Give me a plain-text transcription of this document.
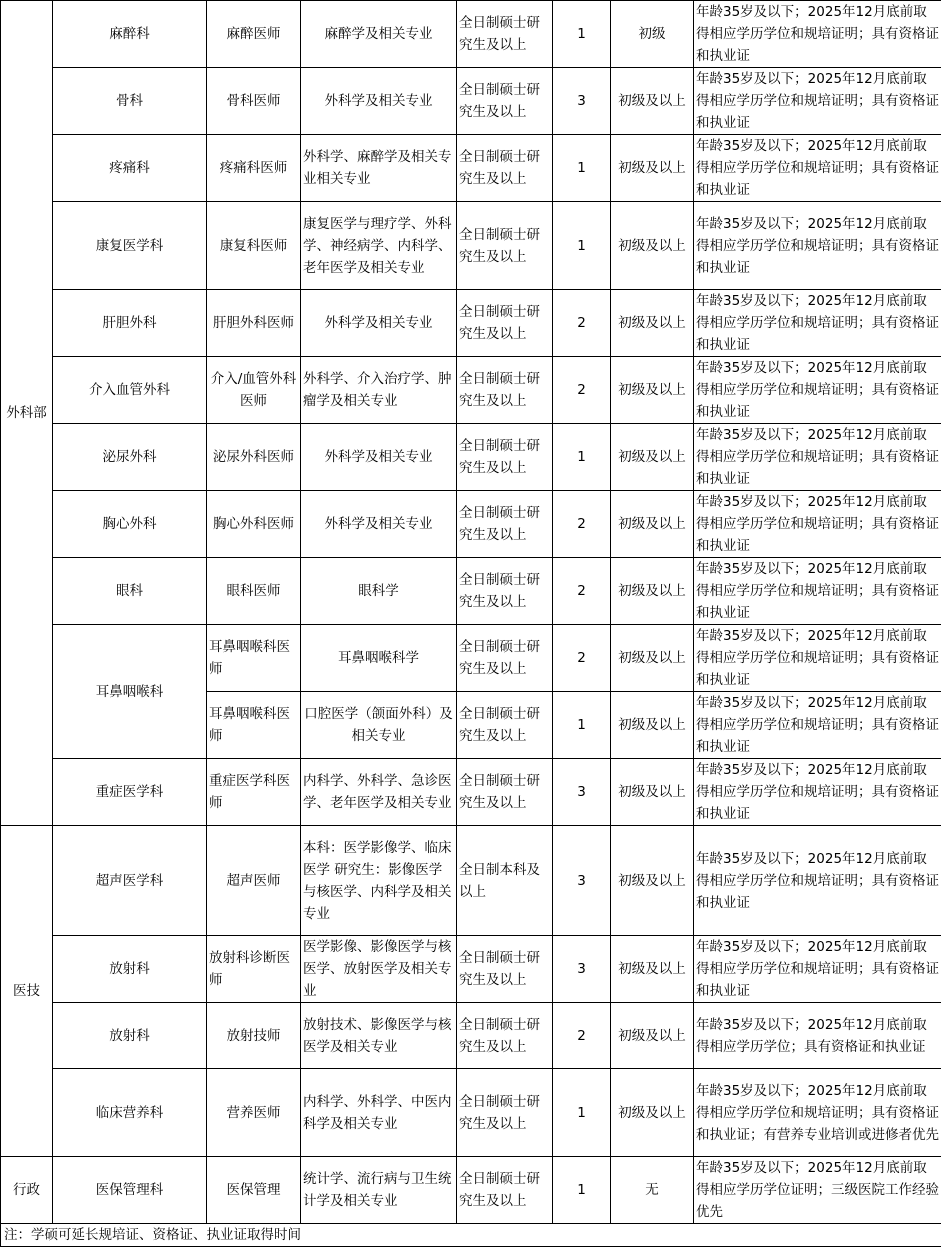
外科部	麻醉科	麻醉医师	麻醉学及相关专业	全日制硕士研究生及以上	1	初级	年龄35岁及以下；2025年12月底前取得相应学历学位和规培证明；具有资格证和执业证
	骨科	骨科医师	外科学及相关专业	全日制硕士研究生及以上	3	初级及以上	年龄35岁及以下；2025年12月底前取得相应学历学位和规培证明；具有资格证和执业证
	疼痛科	疼痛科医师	外科学、麻醉学及相关专业相关专业	全日制硕士研究生及以上	1	初级及以上	年龄35岁及以下；2025年12月底前取得相应学历学位和规培证明；具有资格证和执业证
	康复医学科	康复科医师	康复医学与理疗学、外科学、神经病学、内科学、老年医学及相关专业	全日制硕士研究生及以上	1	初级及以上	年龄35岁及以下；2025年12月底前取得相应学历学位和规培证明；具有资格证和执业证
	肝胆外科	肝胆外科医师	外科学及相关专业	全日制硕士研究生及以上	2	初级及以上	年龄35岁及以下；2025年12月底前取得相应学历学位和规培证明；具有资格证和执业证
	介入血管外科	介入/血管外科医师	外科学、介入治疗学、肿瘤学及相关专业	全日制硕士研究生及以上	2	初级及以上	年龄35岁及以下；2025年12月底前取得相应学历学位和规培证明；具有资格证和执业证
	泌尿外科	泌尿外科医师	外科学及相关专业	全日制硕士研究生及以上	1	初级及以上	年龄35岁及以下；2025年12月底前取得相应学历学位和规培证明；具有资格证和执业证
	胸心外科	胸心外科医师	外科学及相关专业	全日制硕士研究生及以上	2	初级及以上	年龄35岁及以下；2025年12月底前取得相应学历学位和规培证明；具有资格证和执业证
	眼科	眼科医师	眼科学	全日制硕士研究生及以上	2	初级及以上	年龄35岁及以下；2025年12月底前取得相应学历学位和规培证明；具有资格证和执业证
	耳鼻咽喉科	耳鼻咽喉科医师	耳鼻咽喉科学	全日制硕士研究生及以上	2	初级及以上	年龄35岁及以下；2025年12月底前取得相应学历学位和规培证明；具有资格证和执业证
		耳鼻咽喉科医师	口腔医学（颌面外科）及相关专业	全日制硕士研究生及以上	1	初级及以上	年龄35岁及以下；2025年12月底前取得相应学历学位和规培证明；具有资格证和执业证
	重症医学科	重症医学科医师	内科学、外科学、急诊医学、老年医学及相关专业	全日制硕士研究生及以上	3	初级及以上	年龄35岁及以下；2025年12月底前取得相应学历学位和规培证明；具有资格证和执业证
医技	超声医学科	超声医师	本科：医学影像学、临床医学 研究生：影像医学与核医学、内科学及相关专业	全日制本科及以上	3	初级及以上	年龄35岁及以下；2025年12月底前取得相应学历学位和规培证明；具有资格证和执业证
	放射科	放射科诊断医师	医学影像、影像医学与核医学、放射医学及相关专业	全日制硕士研究生及以上	3	初级及以上	年龄35岁及以下；2025年12月底前取得相应学历学位和规培证明；具有资格证和执业证
	放射科	放射技师	放射技术、影像医学与核医学及相关专业	全日制硕士研究生及以上	2	初级及以上	年龄35岁及以下；2025年12月底前取得相应学历学位；具有资格证和执业证
	临床营养科	营养医师	内科学、外科学、中医内科学及相关专业	全日制硕士研究生及以上	1	初级及以上	年龄35岁及以下；2025年12月底前取得相应学历学位和规培证明；具有资格证和执业证；有营养专业培训或进修者优先
行政	医保管理科	医保管理	统计学、流行病与卫生统计学及相关专业	全日制硕士研究生及以上	1	无	年龄35岁及以下；2025年12月底前取得相应学历学位证明；三级医院工作经验优先
注：学硕可延长规培证、资格证、执业证取得时间							
